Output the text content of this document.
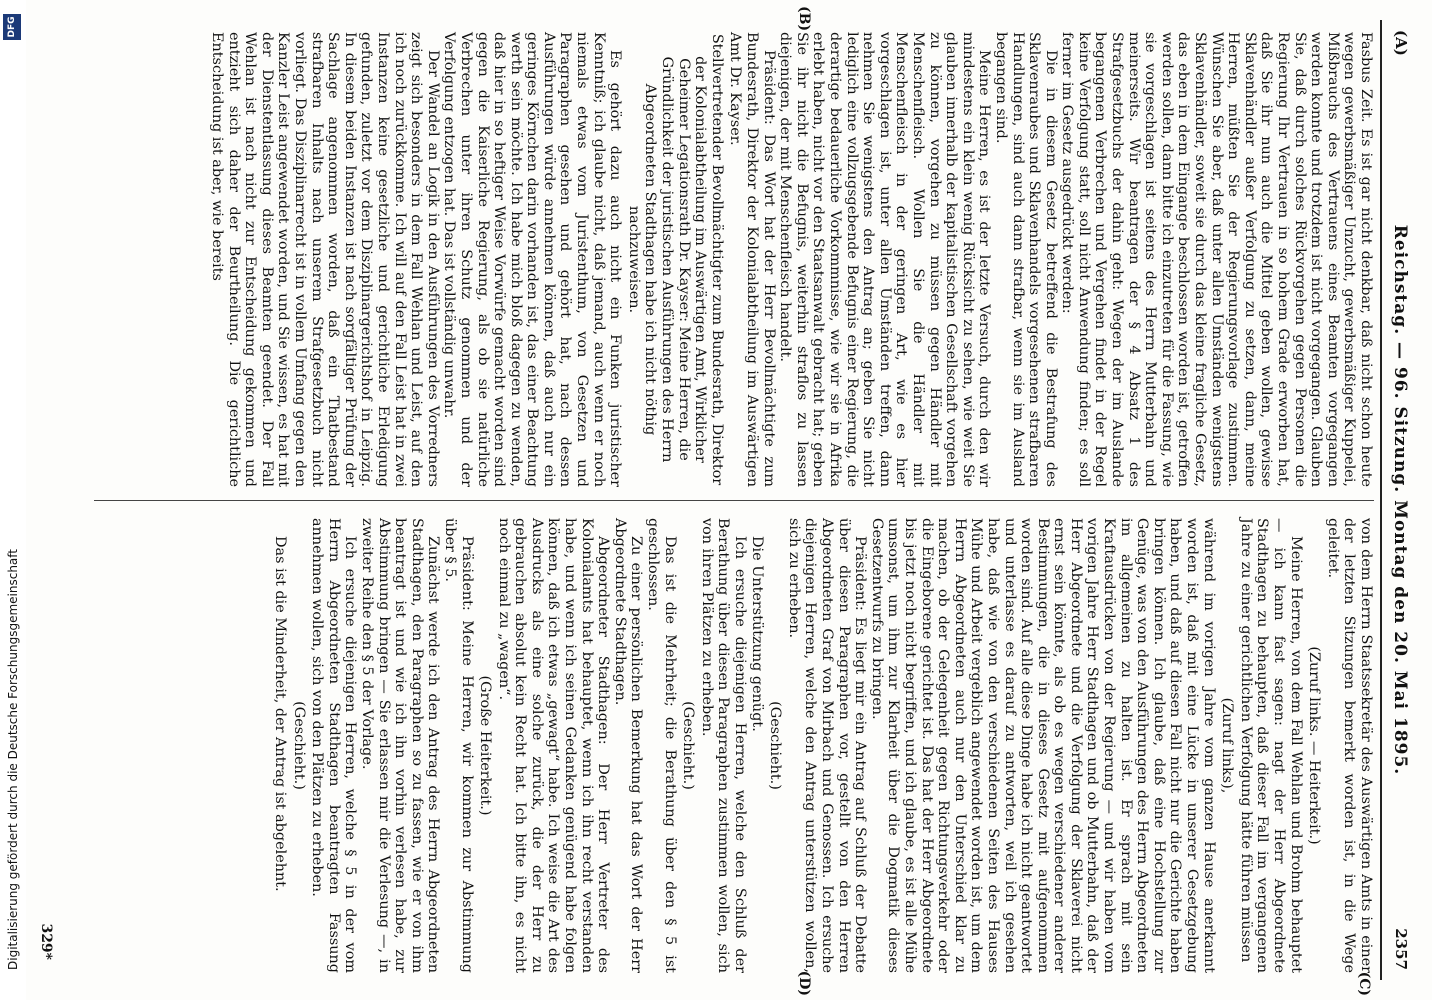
(A)
Reichstag. — 96. Sitzung. Montag den 20. Mai 1895.
2357
(B)
(C)
(D)

Fasbus Zeit. Es ist gar nicht denkbar, daß nicht schon heute wegen gewerbsmäßiger Unzucht, gewerbsmäßiger Kuppelei, Mißbrauchs des Vertrauens eines Beamten vorgegangen werden konnte und trotzdem ist nicht vorgegangen. Glauben Sie, daß durch solches Rückvorgehen gegen Personen die Regierung Ihr Vertrauen in so hohem Grade erworben hat, daß Sie ihr nun auch die Mittel geben wollen, gewisse Sklavenhändler außer Verfolgung zu setzen, dann, meine Herren, müßten Sie der Regierungsvorlage zustimmen. Wünschen Sie aber, daß unter allen Umständen wenigstens Sklavenhändler, soweit sie durch das kleine fragliche Gesetz, das eben in dem Eingange beschlossen worden ist, getroffen werden sollen, dann bitte ich einzutreten für die Fassung, wie sie vorgeschlagen ist seitens des Herrn Mutterbahn und meinerseits. Wir beantragen der § 4 Absatz 1 des Strafgesetzbuchs der dahin geht: Wegen der im Auslande begangenen Verbrechen und Vergehen findet in der Regel keine Verfolgung statt, soll nicht Anwendung finden; es soll ferner im Gesetz ausgedrückt werden:

Die in diesem Gesetz betreffend die Bestrafung des Sklavenraubes und Sklavenhandels vorgesehenen strafbaren Handlungen, sind auch dann strafbar, wenn sie im Ausland begangen sind.

Meine Herren, es ist der letzte Versuch, durch den wir mindestens ein klein wenig Rücksicht zu sehen, wie weit Sie glauben innerhalb der kapitalistischen Gesellschaft vorgehen zu können, vorgehen zu müssen gegen Händler mit Menschenfleisch. Wollen Sie die Händler mit Menschenfleisch in der geringen Art, wie es hier vorgeschlagen ist, unter allen Umständen treffen, dann nehmen Sie wenigstens den Antrag an; geben Sie nicht lediglich eine vollzugsgebende Befugnis einer Regierung, die derartige bedauerliche Vorkommnisse, wie wir sie in Afrika erlebt haben, nicht vor den Staatsanwalt gebracht hat; geben Sie ihr nicht die Befugnis, weiterhin straflos zu lassen diejenigen, der mit Menschenfleisch handelt.

Präsident: Das Wort hat der Herr Bevollmächtigte zum Bundesrath, Direktor der Kolonialabtheilung im Auswärtigen Amt Dr. Kayser.

Stellvertretender Bevollmächtigter zum Bundesrath, Direktor der Kolonialabtheilung im Auswärtigen Amt, Wirklicher Geheimer Legationsrath Dr. Kayser: Meine Herren, die Gründlichkeit der juristischen Ausführungen des Herrn Abgeordneten Stadthagen habe ich nicht nöthig nachzuweisen.

Es gehört dazu auch nicht ein Funken juristischer Kenntniß; ich glaube nicht, daß jemand, auch wenn er noch niemals etwas vom Juristenthum, von Gesetzen und Paragraphen gesehen und gehört hat, nach dessen Ausführungen würde annehmen können, daß auch nur ein geringes Körnchen darin vorhanden ist, das einer Beachtung werth sein möchte. Ich habe mich bloß dagegen zu wenden, daß hier in so heftiger Weise Vorwürfe gemacht worden sind gegen die Kaiserliche Regierung, als ob sie natürliche Verbrechen unter ihren Schutz genommen und der Verfolgung entzogen hat. Das ist vollständig unwahr.

Der Wandel an Logik in den Ausführungen des Vorredners zeigt sich besonders in dem Fall Wehlan und Leist, auf den ich noch zurückkomme. Ich will auf den Fall Leist hat in zwei Instanzen keine gesetzliche und gerichtliche Erledigung gefunden, zuletzt vor dem Disziplinargerichtshof in Leipzig. In diesem beiden Instanzen ist nach sorgfältiger Prüfung der Sachlage angenommen worden, daß ein Thatbestand strafbaren Inhalts nach unserem Strafgesetzbuch nicht vorliegt. Das Disziplinarrecht ist in vollem Umfang gegen den Kanzler Leist angewendet worden, und Sie wissen, es hat mit der Dienstentlassung dieses Beamten geendet. Der Fall Wehlan ist nach nicht zur Entscheidung gekommen und entzieht sich daher der Beurtheilung. Die gerichtliche Entscheidung ist aber, wie bereits

von dem Herrn Staatssekretär des Auswärtigen Amts in einer der letzten Sitzungen bemerkt worden ist, in die Wege geleitet.

(Zuruf links. — Heiterkeit.)

Meine Herren, von dem Fall Wehlan und Brohm behauptet — ich kann fast sagen: nagt der Herr Abgeordnete Stadthagen zu behaupten, daß dieser Fall im vergangenen Jahre zu einer gerichtlichen Verfolgung hätte führen müssen

(Zuruf links),

während im vorigen Jahre vom ganzen Hause anerkannt worden ist, daß mit eine Lücke in unserer Gesetzgebung haben, und daß auf diesen Fall nicht nur die Gerichte haben bringen können. Ich glaube, daß eine Hochstellung zur Genüge, was von den Ausführungen des Herrn Abgeordneten im allgemeinen zu halten ist. Er sprach mit sein Kraftausdrücken von der Regierung — und wir haben vom vorigen Jahre Herr Stadthagen und ob Mutterbahn, daß der Herr Abgeordnete und die Verfolgung der Sklaverei nicht ernst sein könnte, als ob es wegen verschiedener anderer Bestimmungen, die in dieses Gesetz mit aufgenommen worden sind. Auf alle diese Dinge habe ich nicht geantwortet und unterlasse es darauf zu antworten, weil ich gesehen habe, daß wie von den verschiedenen Seiten des Hauses Mühe und Arbeit vergeblich angewendet worden ist, um dem Herrn Abgeordneten auch nur den Unterschied klar zu machen, ob der Gelegenheit gegen Richtungsverkehr oder die Eingeborene gerichtet ist. Das hat der Herr Abgeordnete bis jetzt noch nicht begriffen, und ich glaube, es ist alle Mühe umsonst, um ihm zur Klarheit über die Dogmatik dieses Gesetzentwurfs zu bringen.

Präsident: Es liegt mir ein Antrag auf Schluß der Debatte über diesen Paragraphen vor, gestellt von den Herren Abgeordneten Graf von Mirbach und Genossen. Ich ersuche diejenigen Herren, welche den Antrag unterstützen wollen, sich zu erheben.

(Geschieht.)

Die Unterstützung genügt.

Ich ersuche diejenigen Herren, welche den Schluß der Berathung über diesen Paragraphen zustimmen wollen, sich von ihren Plätzen zu erheben.

(Geschieht.)

Das ist die Mehrheit; die Berathung über den § 5 ist geschlossen.

Zu einer persönlichen Bemerkung hat das Wort der Herr Abgeordnete Stadthagen.

Abgeordneter Stadthagen: Der Herr Vertreter des Kolonialamts hat behauptet, wenn ich ihn recht verstanden habe, und wenn ich seinen Gedanken genügend habe folgen können, daß ich etwas „gewagt“ habe. Ich weise die Art des Ausdrucks als eine solche zurück, die der Herr zu gebrauchen absolut kein Recht hat. Ich bitte ihn, es nicht noch einmal zu „wagen“.

(Große Heiterkeit.)

Präsident: Meine Herren, wir kommen zur Abstimmung über § 5.

Zunächst werde ich den Antrag des Herrn Abgeordneten Stadthagen, den Paragraphen so zu fassen, wie er von ihm beantragt ist und wie ich ihn vorhin verlesen habe, zur Abstimmung bringen — Sie erlassen mir die Verlesung —, in zweiter Reihe den § 5 der Vorlage.

Ich ersuche diejenigen Herren, welche § 5 in der vom Herrn Abgeordneten Stadthagen beantragten Fassung annehmen wollen, sich von den Plätzen zu erheben.

(Geschieht.)

Das ist die Minderheit, der Antrag ist abgelehnt.

329*
Digitalisierung gefördert durch die Deutsche Forschungsgemeinschaft
DFG
